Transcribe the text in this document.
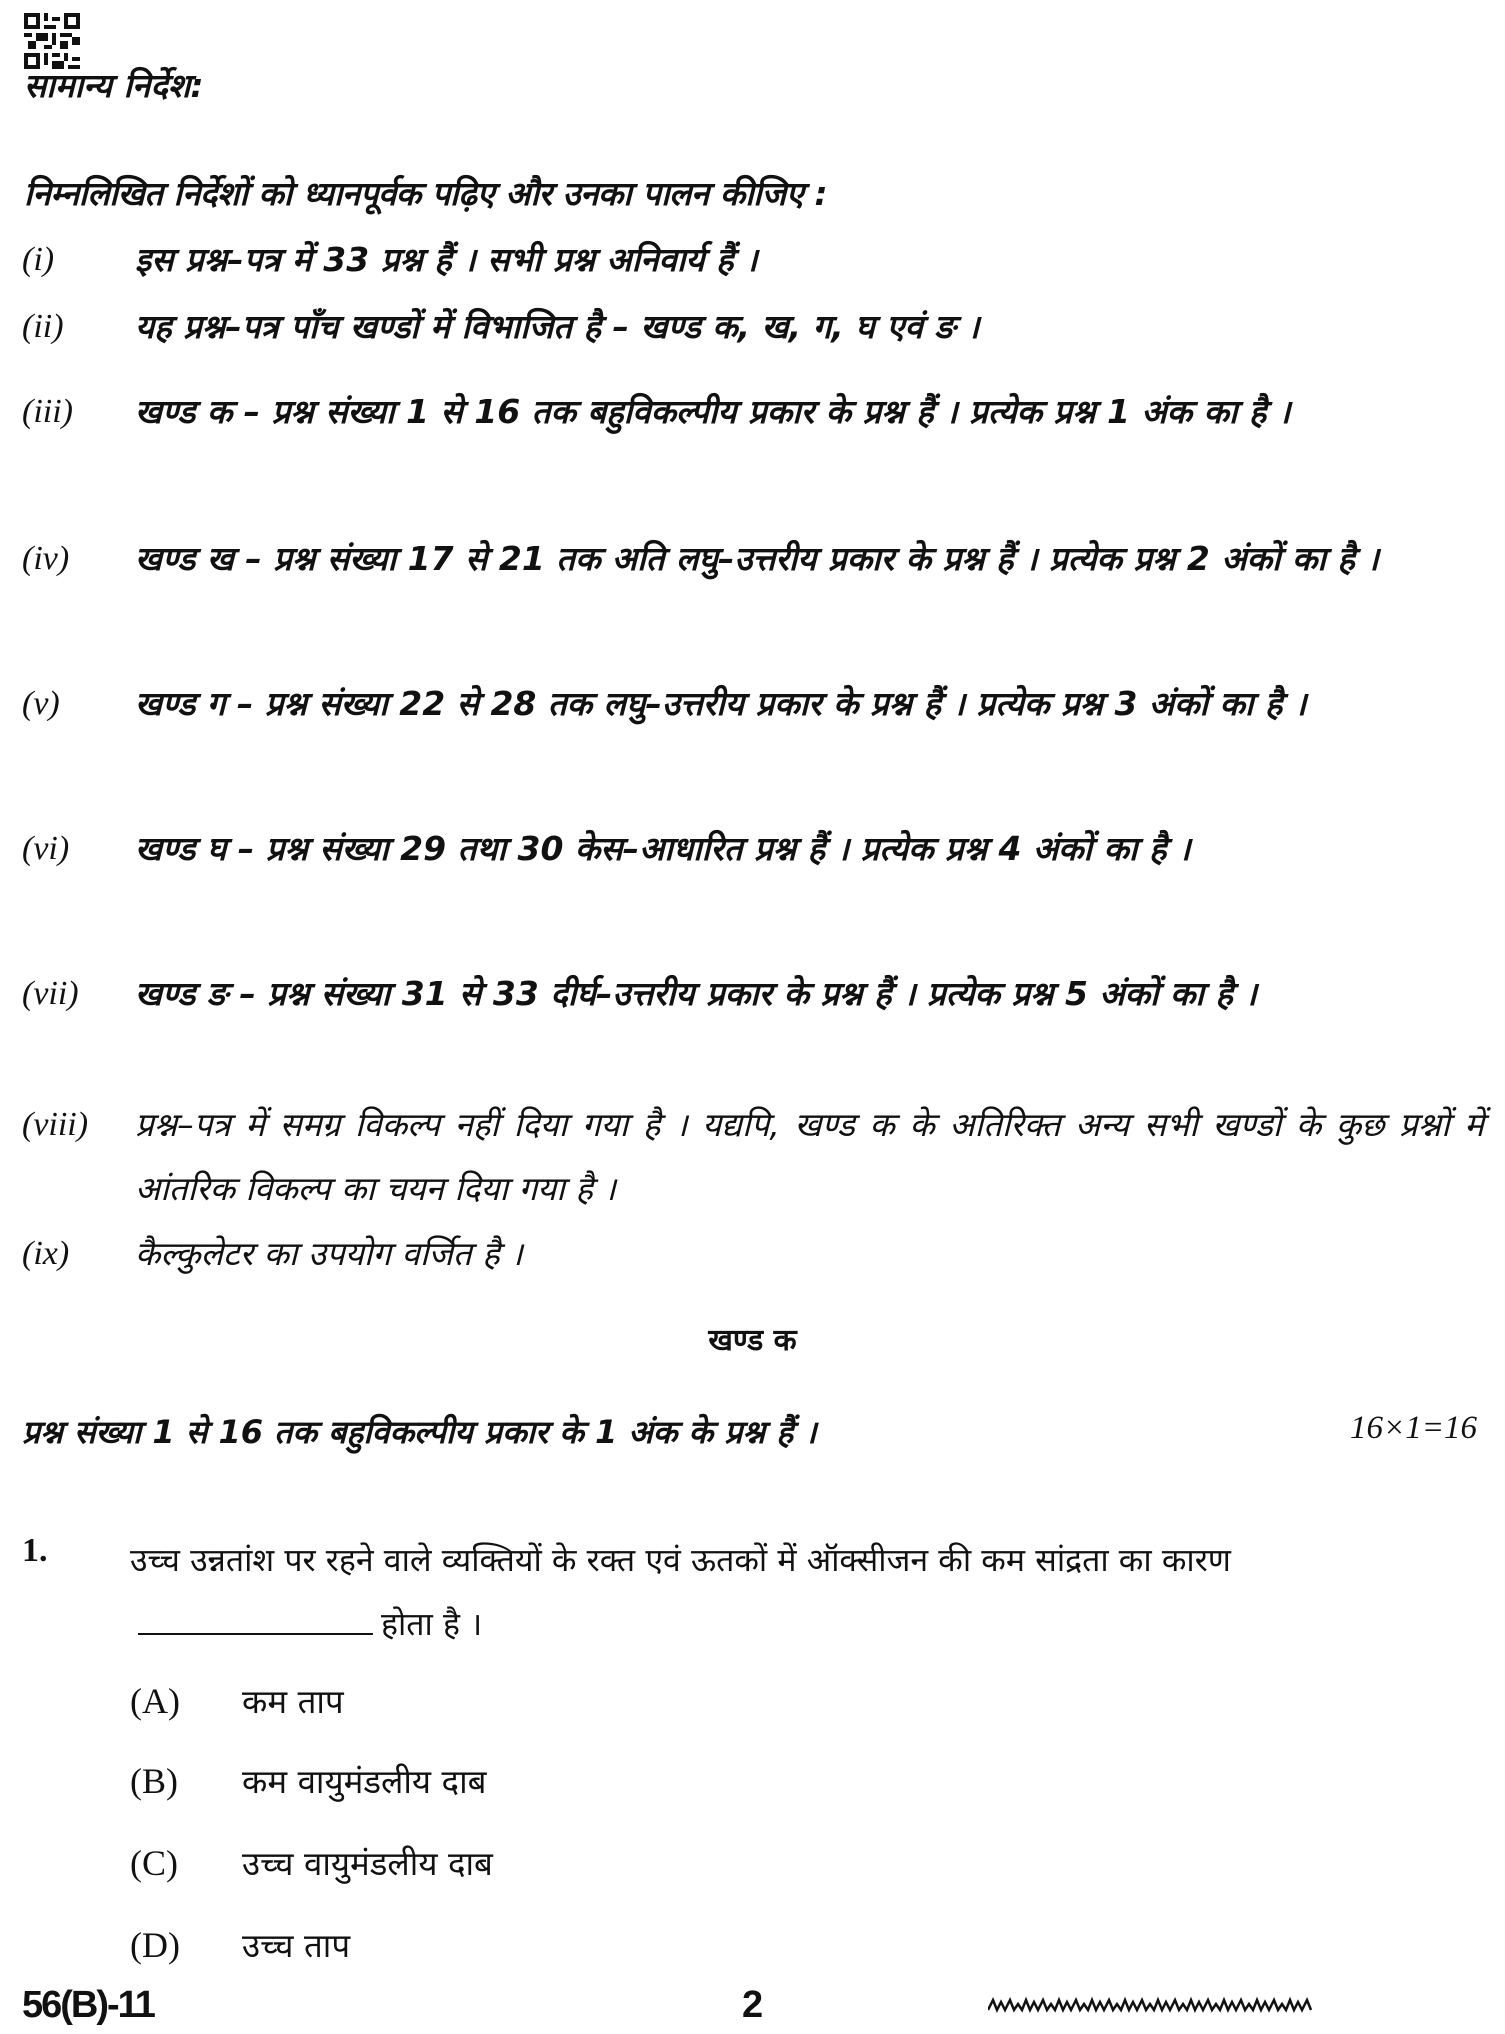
सामान्य निर्देश:
निम्नलिखित निर्देशों को ध्यानपूर्वक पढ़िए और उनका पालन कीजिए :
(i) इस प्रश्न–पत्र में 33 प्रश्न हैं । सभी प्रश्न अनिवार्य हैं ।
(ii) यह प्रश्न–पत्र पाँच खण्डों में विभाजित है – खण्ड क, ख, ग, घ एवं ङ ।
(iii) खण्ड क – प्रश्न संख्या 1 से 16 तक बहुविकल्पीय प्रकार के प्रश्न हैं । प्रत्येक प्रश्न 1 अंक का है ।
(iv) खण्ड ख – प्रश्न संख्या 17 से 21 तक अति लघु–उत्तरीय प्रकार के प्रश्न हैं । प्रत्येक प्रश्न 2 अंकों का है ।
(v) खण्ड ग – प्रश्न संख्या 22 से 28 तक लघु–उत्तरीय प्रकार के प्रश्न हैं । प्रत्येक प्रश्न 3 अंकों का है ।
(vi) खण्ड घ – प्रश्न संख्या 29 तथा 30 केस–आधारित प्रश्न हैं । प्रत्येक प्रश्न 4 अंकों का है ।
(vii) खण्ड ङ – प्रश्न संख्या 31 से 33 दीर्घ–उत्तरीय प्रकार के प्रश्न हैं । प्रत्येक प्रश्न 5 अंकों का है ।
(viii) प्रश्न–पत्र में समग्र विकल्प नहीं दिया गया है । यद्यपि, खण्ड क के अतिरिक्त अन्य सभी खण्डों के कुछ प्रश्नों में आंतरिक विकल्प का चयन दिया गया है ।
(ix) कैल्कुलेटर का उपयोग वर्जित है ।
खण्ड क
प्रश्न संख्या 1 से 16 तक बहुविकल्पीय प्रकार के 1 अंक के प्रश्न हैं ।	16×1=16
1.	उच्च उन्नतांश पर रहने वाले व्यक्तियों के रक्त एवं ऊतकों में ऑक्सीजन की कम सांद्रता का कारणहोता है ।
(A) कम ताप
(B) कम वायुमंडलीय दाब
(C) उच्च वायुमंडलीय दाब
(D) उच्च ताप
56(B)-11	2
